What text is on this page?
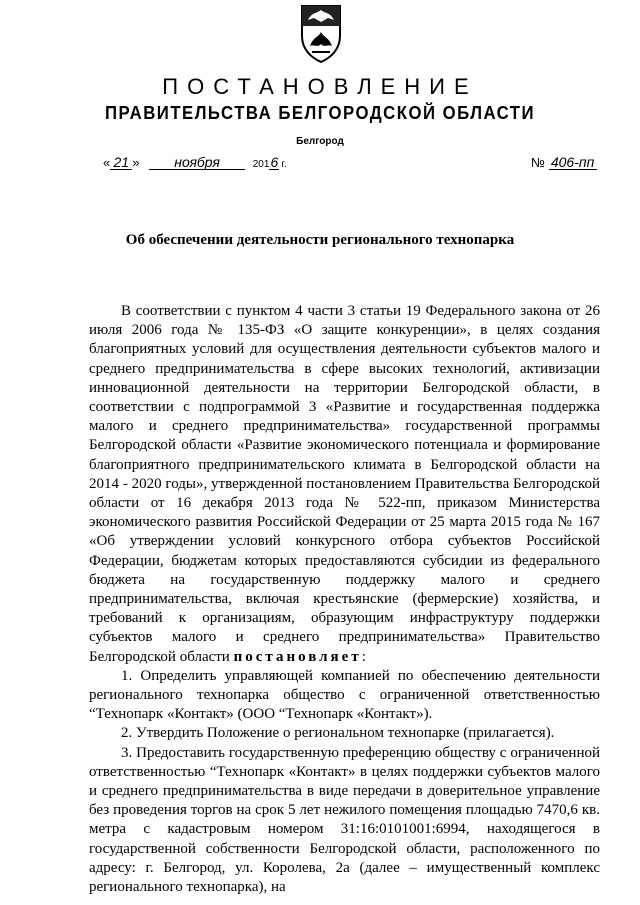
ПОСТАНОВЛЕНИЕ
ПРАВИТЕЛЬСТВА БЕЛГОРОДСКОЙ ОБЛАСТИ
Белгород
« 21 » ноября	2016 г.	№ 406-пп
Об обеспечении деятельности регионального технопарка

В соответствии с пунктом 4 части 3 статьи 19 Федерального закона от 26 июля 2006 года № 135-ФЗ «О защите конкуренции», в целях создания благоприятных условий для осуществления деятельности субъектов малого и среднего предпринимательства в сфере высоких технологий, активизации инновационной деятельности на территории Белгородской области, в соответствии с подпрограммой 3 «Развитие и государственная поддержка малого и среднего предпринимательства» государственной программы Белгородской области «Развитие экономического потенциала и формирование благоприятного предпринимательского климата в Белгородской области на 2014 - 2020 годы», утвержденной постановлением Правительства Белгородской области от 16 декабря 2013 года № 522-пп, приказом Министерства экономического развития Российской Федерации от 25 марта 2015 года № 167 «Об утверждении условий конкурсного отбора субъектов Российской Федерации, бюджетам которых предоставляются субсидии из федерального бюджета на государственную поддержку малого и среднего предпринимательства, включая крестьянские (фермерские) хозяйства, и требований к организациям, образующим инфраструктуру поддержки субъектов малого и среднего предпринимательства» Правительство Белгородской области постановляет:

1. Определить управляющей компанией по обеспечению деятельности регионального технопарка общество с ограниченной ответственностью “Технопарк «Контакт» (ООО “Технопарк «Контакт»).

2. Утвердить Положение о региональном технопарке (прилагается).

3. Предоставить государственную преференцию обществу с ограниченной ответственностью “Технопарк «Контакт» в целях поддержки субъектов малого и среднего предпринимательства в виде передачи в доверительное управление без проведения торгов на срок 5 лет нежилого помещения площадью 7470,6 кв. метра с кадастровым номером 31:16:0101001:6994, находящегося в государственной собственности Белгородской области, расположенного по адресу: г. Белгород, ул. Королева, 2а (далее – имущественный комплекс регионального технопарка), на
